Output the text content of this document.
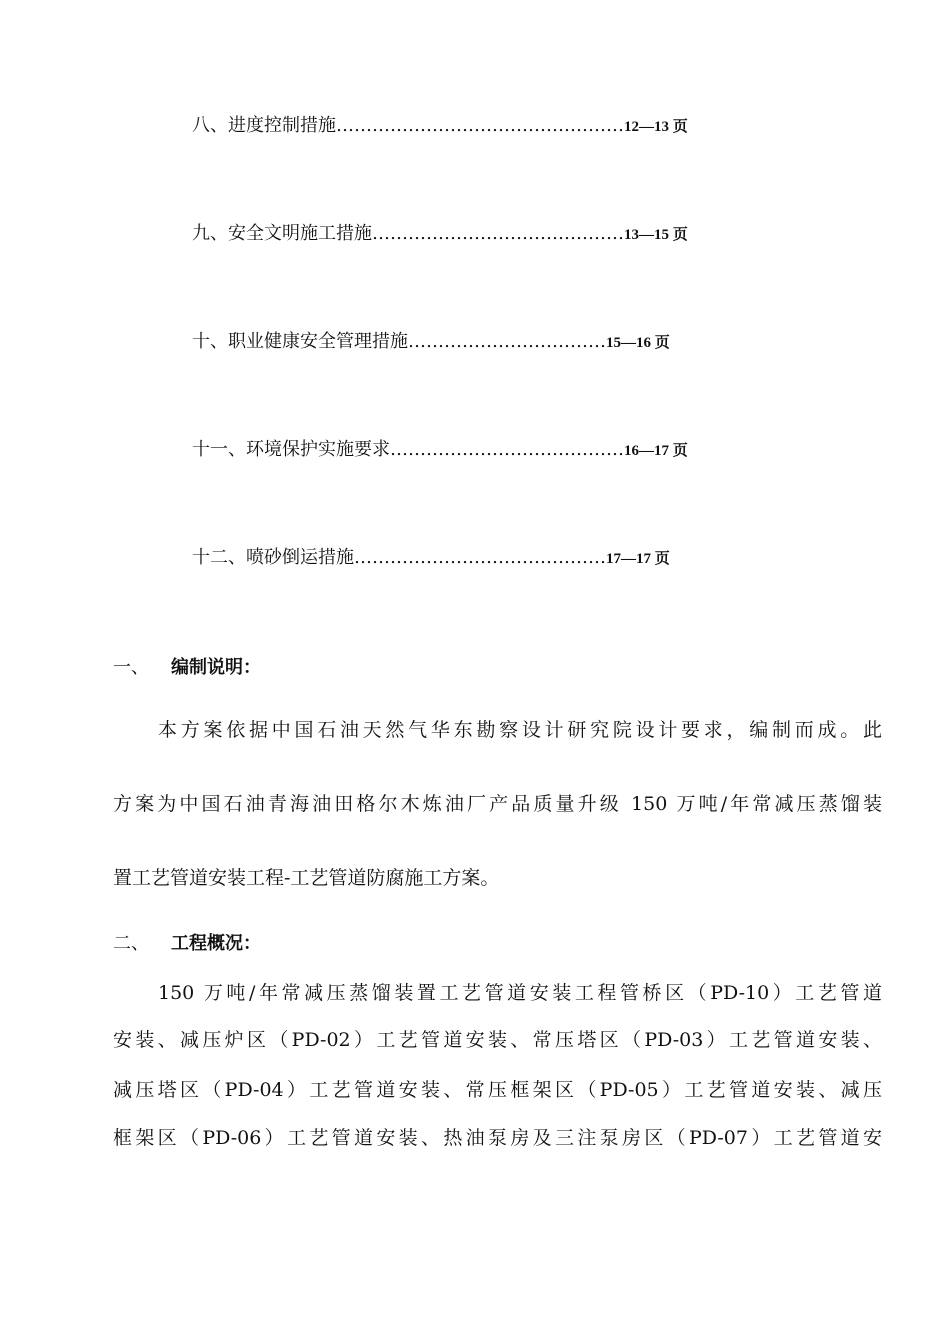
八、进度控制措施…………………………………………12—13 页
九、安全文明施工措施……………………………………13—15 页
十、职业健康安全管理措施……………………………15—16 页
十一、环境保护实施要求…………………………………16—17 页
十二、喷砂倒运措施……………………………………17—17 页
一、 编制说明：
本方案依据中国石油天然气华东勘察设计研究院设计要求，编制而成。此
方案为中国石油青海油田格尔木炼油厂产品质量升级 150 万吨/年常减压蒸馏装
置工艺管道安装工程-工艺管道防腐施工方案。
二、 工程概况：
150 万吨/年常减压蒸馏装置工艺管道安装工程管桥区（PD-10）工艺管道
安装、减压炉区（PD-02）工艺管道安装、常压塔区（PD-03）工艺管道安装、
减压塔区（PD-04）工艺管道安装、常压框架区（PD-05）工艺管道安装、减压
框架区（PD-06）工艺管道安装、热油泵房及三注泵房区（PD-07）工艺管道安
